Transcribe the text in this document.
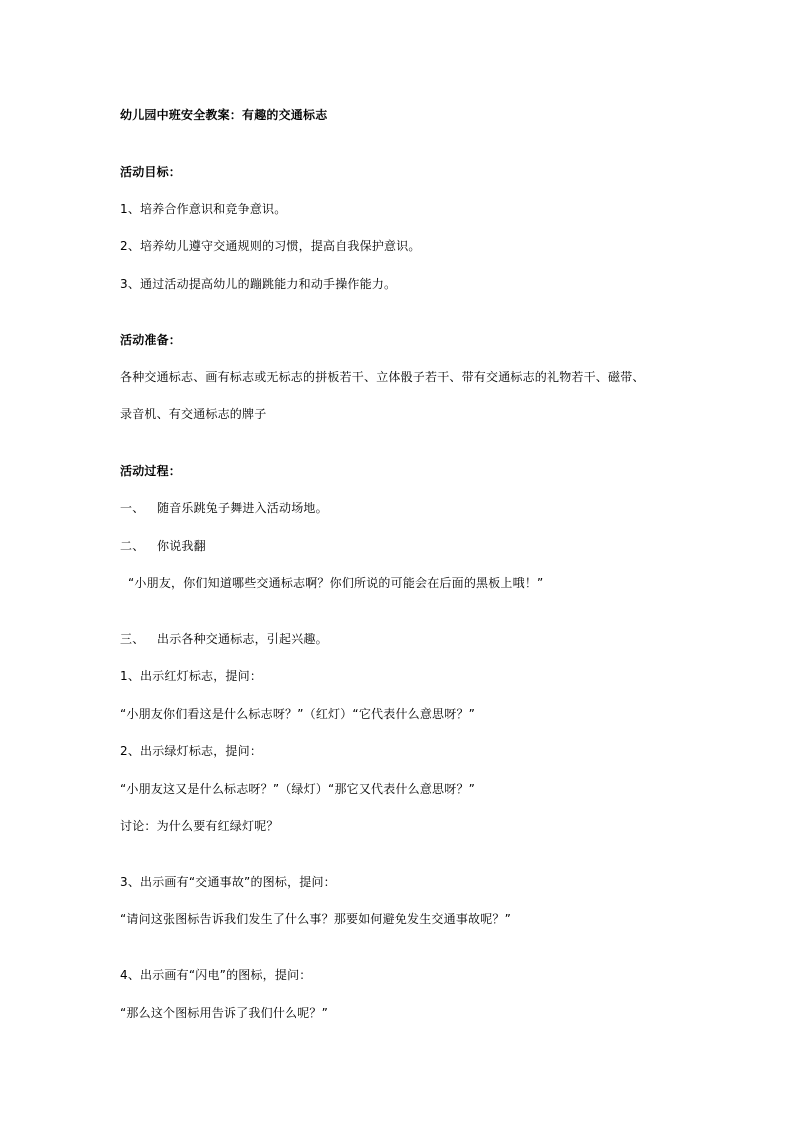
幼儿园中班安全教案：有趣的交通标志
活动目标：
1、培养合作意识和竞争意识。
2、培养幼儿遵守交通规则的习惯，提高自我保护意识。
3、通过活动提高幼儿的蹦跳能力和动手操作能力。
活动准备：
各种交通标志、画有标志或无标志的拼板若干、立体骰子若干、带有交通标志的礼物若干、磁带、
录音机、有交通标志的牌子
活动过程：
一、 随音乐跳兔子舞进入活动场地。
二、 你说我翻
“小朋友，你们知道哪些交通标志啊？你们所说的可能会在后面的黑板上哦！”
三、 出示各种交通标志，引起兴趣。
1、出示红灯标志，提问：
“小朋友你们看这是什么标志呀？”（红灯）“它代表什么意思呀？”
2、出示绿灯标志，提问：
“小朋友这又是什么标志呀？”（绿灯）“那它又代表什么意思呀？”
讨论：为什么要有红绿灯呢？
3、出示画有“交通事故”的图标，提问：
“请问这张图标告诉我们发生了什么事？那要如何避免发生交通事故呢？”
4、出示画有“闪电”的图标，提问：
“那么这个图标用告诉了我们什么呢？”
